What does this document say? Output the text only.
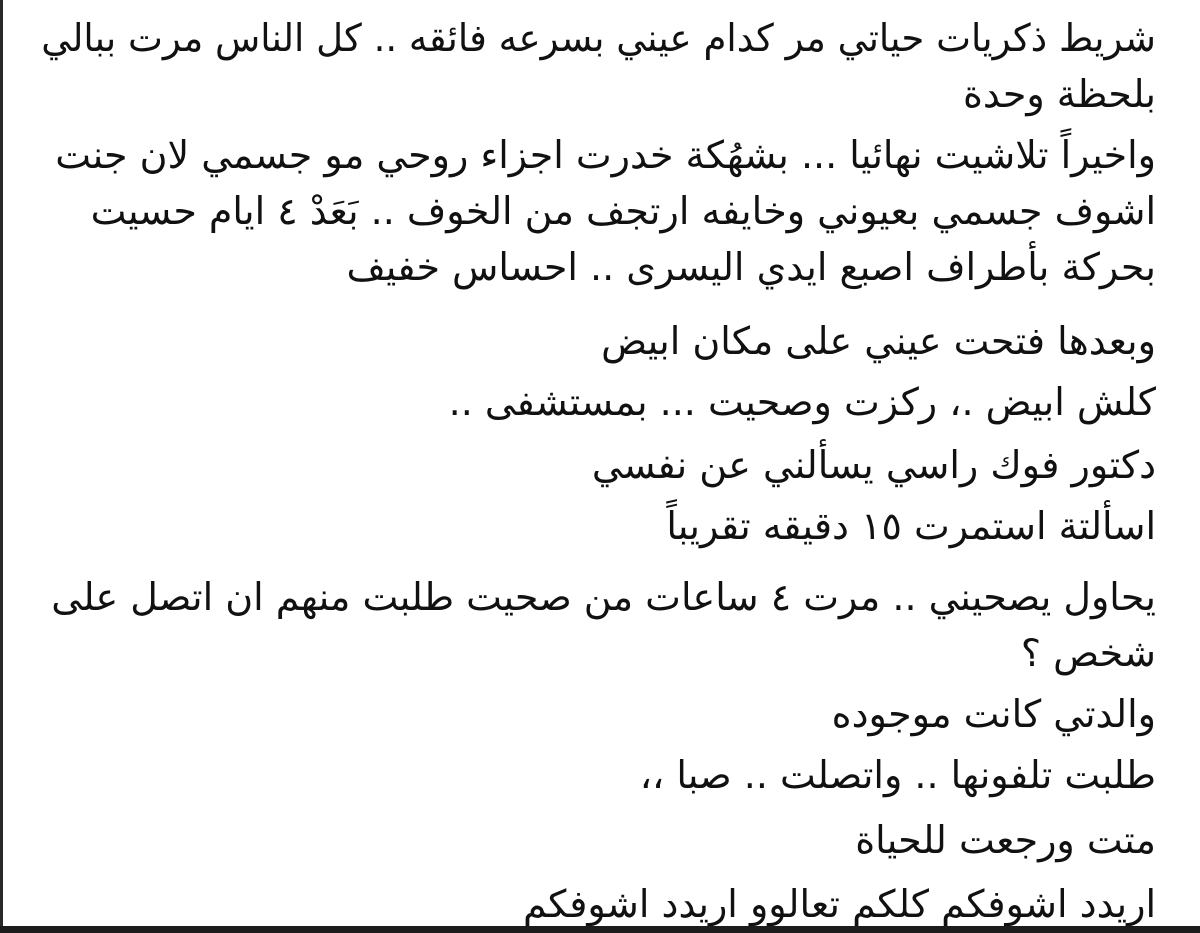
شريط ذكريات حياتي مر كدام عيني بسرعه فائقه .. كل الناس مرت ببالي
بلحظة وحدة
واخيراً تلاشيت نهائيا ... بشهُكة خدرت اجزاء روحي مو جسمي لان جنت
اشوف جسمي بعيوني وخايفه ارتجف من الخوف .. بَعَدْ ٤ ايام حسيت
بحركة بأطراف اصبع ايدي اليسرى .. احساس خفيف
وبعدها فتحت عيني على مكان ابيض
كلش ابيض .، ركزت وصحيت ... بمستشفى ..
دكتور فوك راسي يسألني عن نفسي
اسألتة استمرت ١٥ دقيقه تقريباً
يحاول يصحيني .. مرت ٤ ساعات من صحيت طلبت منهم ان اتصل على
شخص ؟
والدتي كانت موجوده
طلبت تلفونها .. واتصلت .. صبا ،،
متت ورجعت للحياة
اريدد اشوفكم كلكم تعالوو اريدد اشوفكم
